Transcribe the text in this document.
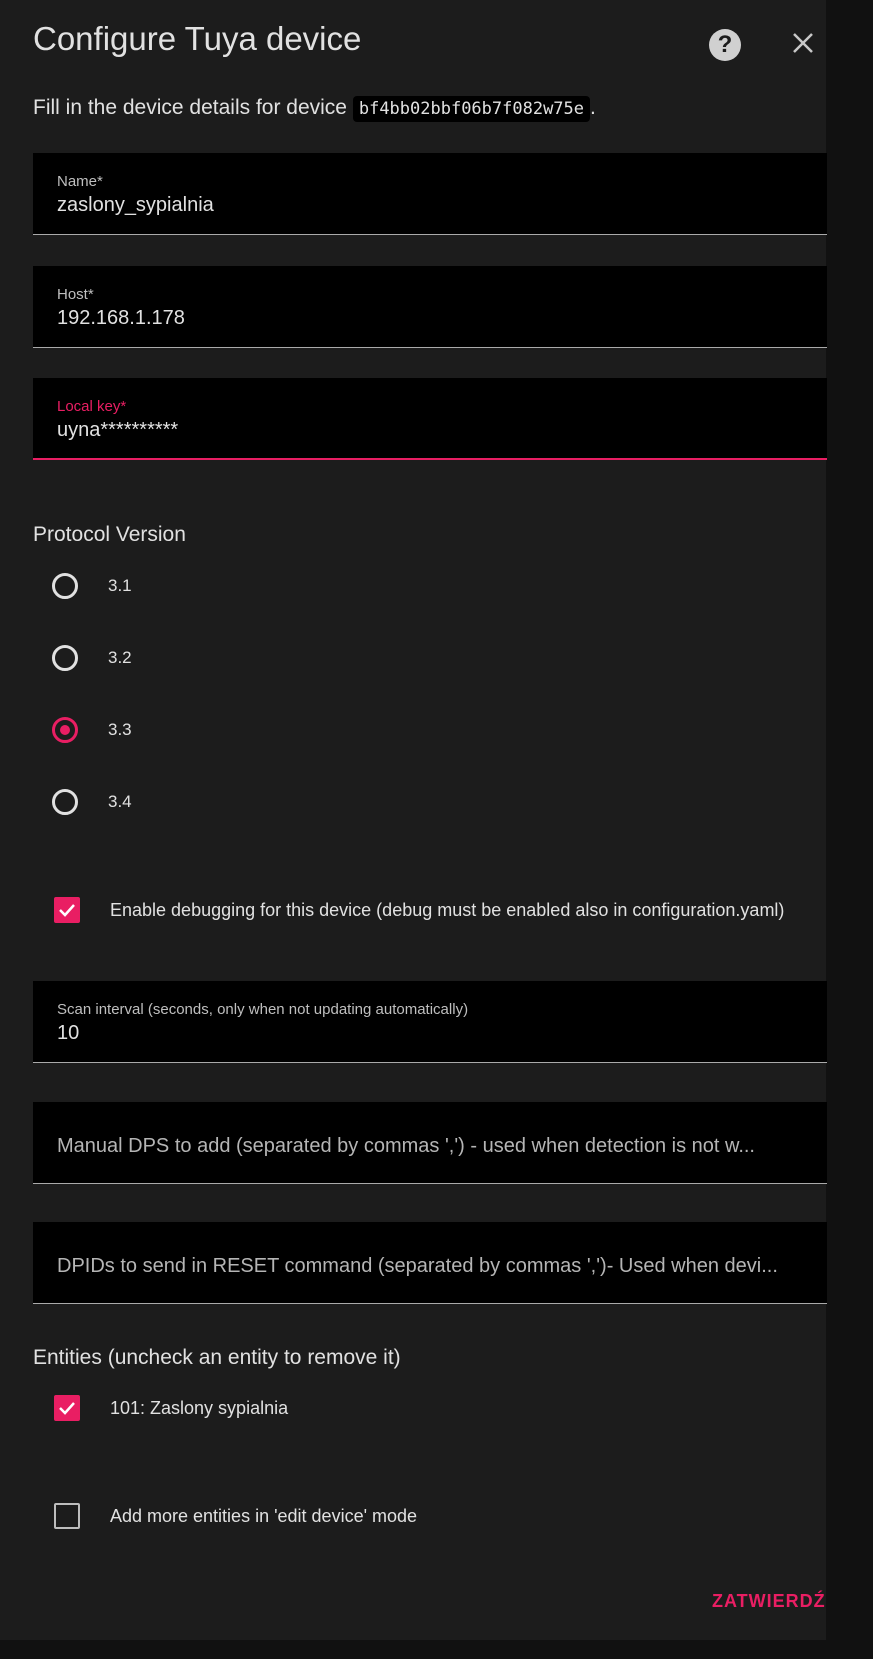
Configure Tuya device	?
Fill in the device details for device bf4bb02bbf06b7f082w75e .
Name*
zaslony_sypialnia
Host*
192.168.1.178
Local key*
uyna**********
Protocol Version
3.1
3.2
3.3
3.4
Enable debugging for this device (debug must be enabled also in configuration.yaml)
Scan interval (seconds, only when not updating automatically)
10
Manual DPS to add (separated by commas ',') - used when detection is not w...
DPIDs to send in RESET command (separated by commas ',')- Used when devi...
Entities (uncheck an entity to remove it)
101: Zaslony sypialnia
Add more entities in 'edit device' mode
ZATWIERDŹ
